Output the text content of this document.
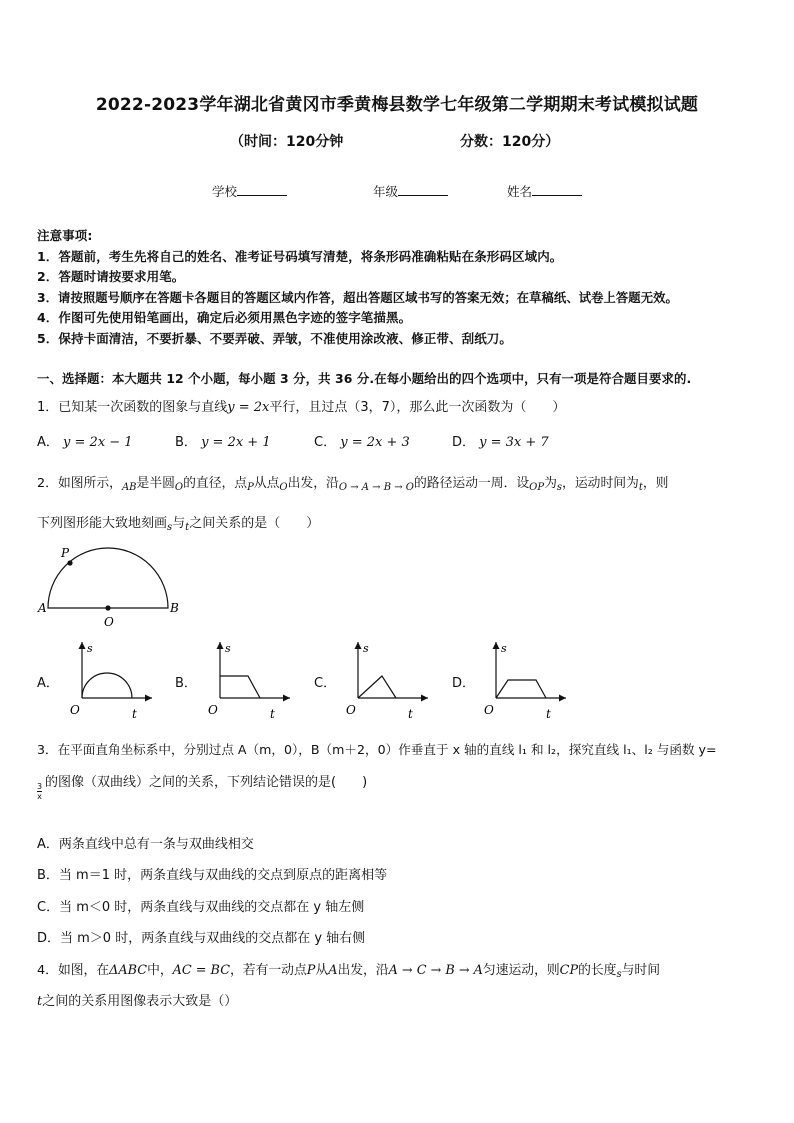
2022-2023学年湖北省黄冈市季黄梅县数学七年级第二学期期末考试模拟试题
（时间：120分钟	分数：120分）
学校	年级	姓名
注意事项:
1．答题前，考生先将自己的姓名、准考证号码填写清楚，将条形码准确粘贴在条形码区域内。
2．答题时请按要求用笔。
3．请按照题号顺序在答题卡各题目的答题区域内作答，超出答题区域书写的答案无效；在草稿纸、试卷上答题无效。
4．作图可先使用铅笔画出，确定后必须用黑色字迹的签字笔描黑。
5．保持卡面清洁，不要折暴、不要弄破、弄皱，不准使用涂改液、修正带、刮纸刀。
一、选择题：本大题共 12 个小题，每小题 3 分，共 36 分.在每小题给出的四个选项中，只有一项是符合题目要求的.
1．已知某一次函数的图象与直线y = 2x平行，且过点（3，7），那么此一次函数为（　　）
A． y = 2x − 1	B． y = 2x + 1	C． y = 2x + 3	D． y = 3x + 7
2．如图所示，$_{AB}$是半圆$_O$的直径，点$_P$从点$_O$出发，沿$_{O \to A \to B \to O}$的路径运动一周．设$_{OP}$为$_s$，运动时间为$_t$，则
下列图形能大致地刻画$_s$与$_t$之间关系的是（　　）
P
A	B
O
A．
s
O	t
B．
s
O	t
C．
s
O	t
D．
s
O	t
3．在平面直角坐标系中，分别过点 A（m，0），B（m＋2，0）作垂直于 x 轴的直线 l₁ 和 l₂，探究直线 l₁、l₂ 与函数 y=
$\frac{3}{x}$ 的图像（双曲线）之间的关系，下列结论错误的是(　　)
A．两条直线中总有一条与双曲线相交
B．当 m＝1 时，两条直线与双曲线的交点到原点的距离相等
C．当 m＜0 时，两条直线与双曲线的交点都在 y 轴左侧
D．当 m＞0 时，两条直线与双曲线的交点都在 y 轴右侧
4．如图，在ΔABC中，AC = BC，若有一动点P从A出发，沿A → C → B → A匀速运动，则CP的长度$_s$与时间
t之间的关系用图像表示大致是（）
